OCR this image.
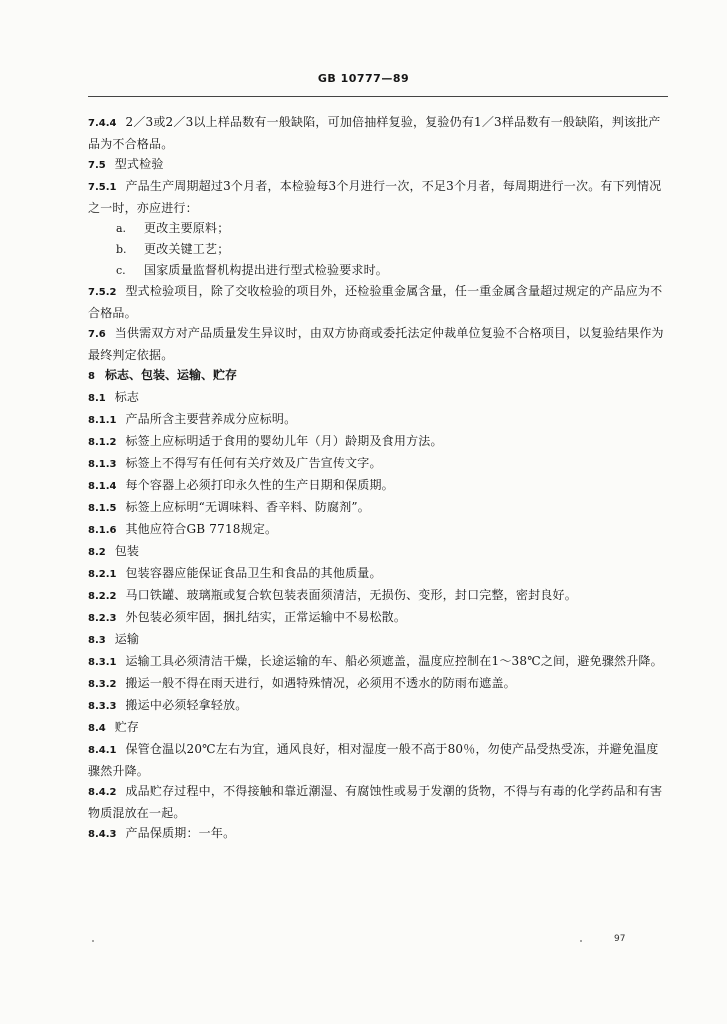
GB 10777—89

7.4.4 2／3或2／3以上样品数有一般缺陷，可加倍抽样复验，复验仍有1／3样品数有一般缺陷，判该批产品为不合格品。

7.5 型式检验

7.5.1 产品生产周期超过3个月者，本检验每3个月进行一次，不足3个月者，每周期进行一次。有下列情况之一时，亦应进行：

a. 更改主要原料；

b. 更改关键工艺；

c. 国家质量监督机构提出进行型式检验要求时。

7.5.2 型式检验项目，除了交收检验的项目外，还检验重金属含量，任一重金属含量超过规定的产品应为不合格品。

7.6 当供需双方对产品质量发生异议时，由双方协商或委托法定仲裁单位复验不合格项目，以复验结果作为最终判定依据。

8 标志、包装、运输、贮存

8.1 标志

8.1.1 产品所含主要营养成分应标明。

8.1.2 标签上应标明适于食用的婴幼儿年（月）龄期及食用方法。

8.1.3 标签上不得写有任何有关疗效及广告宣传文字。

8.1.4 每个容器上必须打印永久性的生产日期和保质期。

8.1.5 标签上应标明“无调味料、香辛料、防腐剂”。

8.1.6 其他应符合GB 7718规定。

8.2 包装

8.2.1 包装容器应能保证食品卫生和食品的其他质量。

8.2.2 马口铁罐、玻璃瓶或复合软包装表面须清洁，无损伤、变形，封口完整，密封良好。

8.2.3 外包装必须牢固，捆扎结实，正常运输中不易松散。

8.3 运输

8.3.1 运输工具必须清洁干燥，长途运输的车、船必须遮盖，温度应控制在1～38℃之间，避免骤然升降。

8.3.2 搬运一般不得在雨天进行，如遇特殊情况，必须用不透水的防雨布遮盖。

8.3.3 搬运中必须轻拿轻放。

8.4 贮存

8.4.1 保管仓温以20℃左右为宜，通风良好，相对湿度一般不高于80％，勿使产品受热受冻，并避免温度骤然升降。

8.4.2 成品贮存过程中，不得接触和靠近潮湿、有腐蚀性或易于发潮的货物，不得与有毒的化学药品和有害物质混放在一起。

8.4.3 产品保质期：一年。

97
